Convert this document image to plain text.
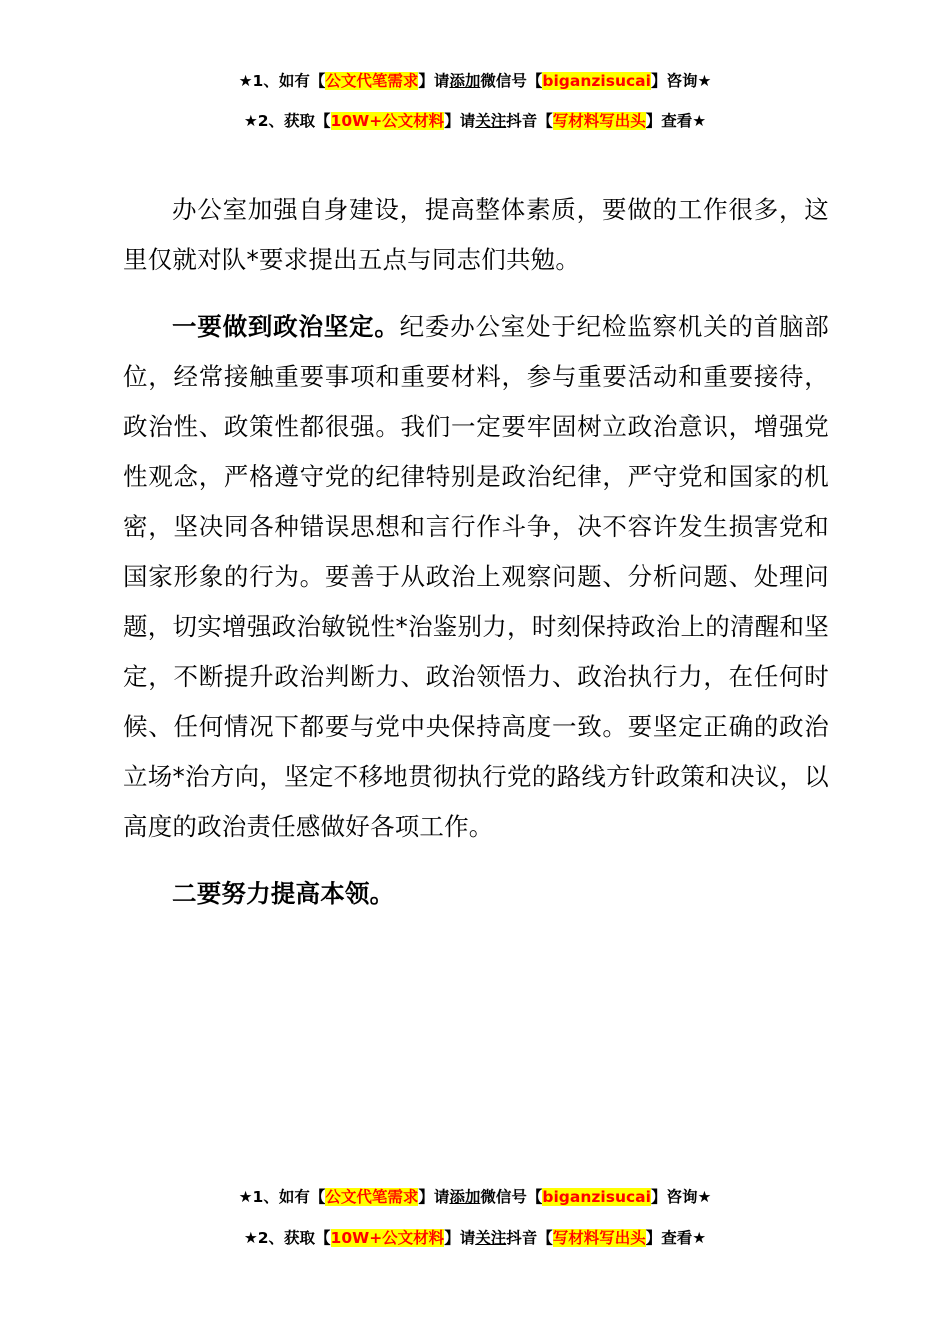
★1、如有【公文代笔需求】请添加微信号【biganzisucai】咨询★
★2、获取【10W+公文材料】请关注抖音【写材料写出头】查看★

办公室加强自身建设，提高整体素质，要做的工作很多，这里仅就对队*要求提出五点与同志们共勉。

一要做到政治坚定。纪委办公室处于纪检监察机关的首脑部位，经常接触重要事项和重要材料，参与重要活动和重要接待，政治性、政策性都很强。我们一定要牢固树立政治意识，增强党性观念，严格遵守党的纪律特别是政治纪律，严守党和国家的机密，坚决同各种错误思想和言行作斗争，决不容许发生损害党和国家形象的行为。要善于从政治上观察问题、分析问题、处理问题，切实增强政治敏锐性*治鉴别力，时刻保持政治上的清醒和坚定，不断提升政治判断力、政治领悟力、政治执行力，在任何时候、任何情况下都要与党中央保持高度一致。要坚定正确的政治立场*治方向，坚定不移地贯彻执行党的路线方针政策和决议，以高度的政治责任感做好各项工作。

二要努力提高本领。

★1、如有【公文代笔需求】请添加微信号【biganzisucai】咨询★
★2、获取【10W+公文材料】请关注抖音【写材料写出头】查看★
